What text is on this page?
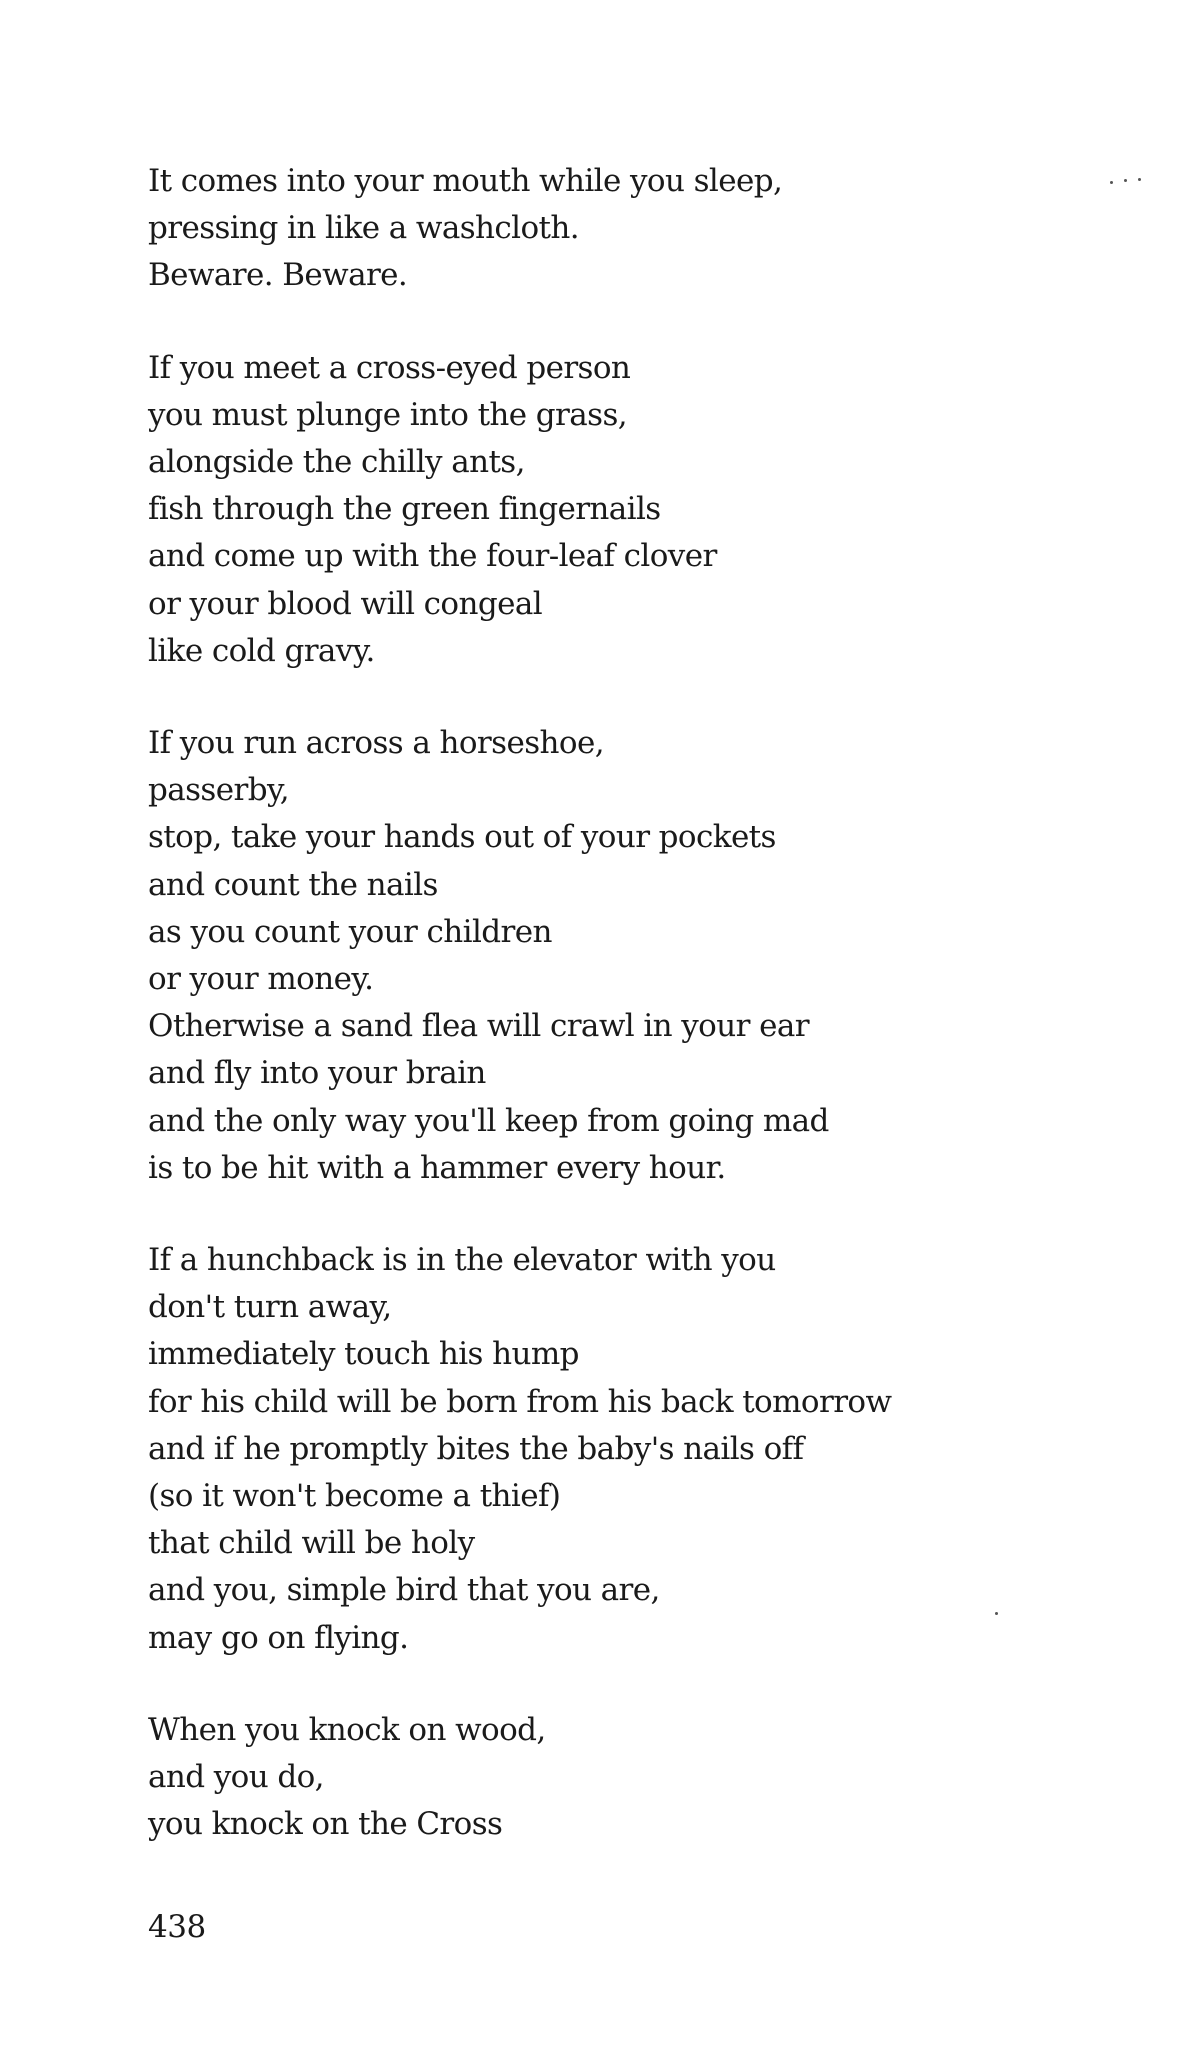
It comes into your mouth while you sleep,
pressing in like a washcloth.
Beware. Beware.
If you meet a cross-eyed person
you must plunge into the grass,
alongside the chilly ants,
fish through the green fingernails
and come up with the four-leaf clover
or your blood will congeal
like cold gravy.
If you run across a horseshoe,
passerby,
stop, take your hands out of your pockets
and count the nails
as you count your children
or your money.
Otherwise a sand flea will crawl in your ear
and fly into your brain
and the only way you'll keep from going mad
is to be hit with a hammer every hour.
If a hunchback is in the elevator with you
don't turn away,
immediately touch his hump
for his child will be born from his back tomorrow
and if he promptly bites the baby's nails off
(so it won't become a thief)
that child will be holy
and you, simple bird that you are,
may go on flying.
When you knock on wood,
and you do,
you knock on the Cross
438
